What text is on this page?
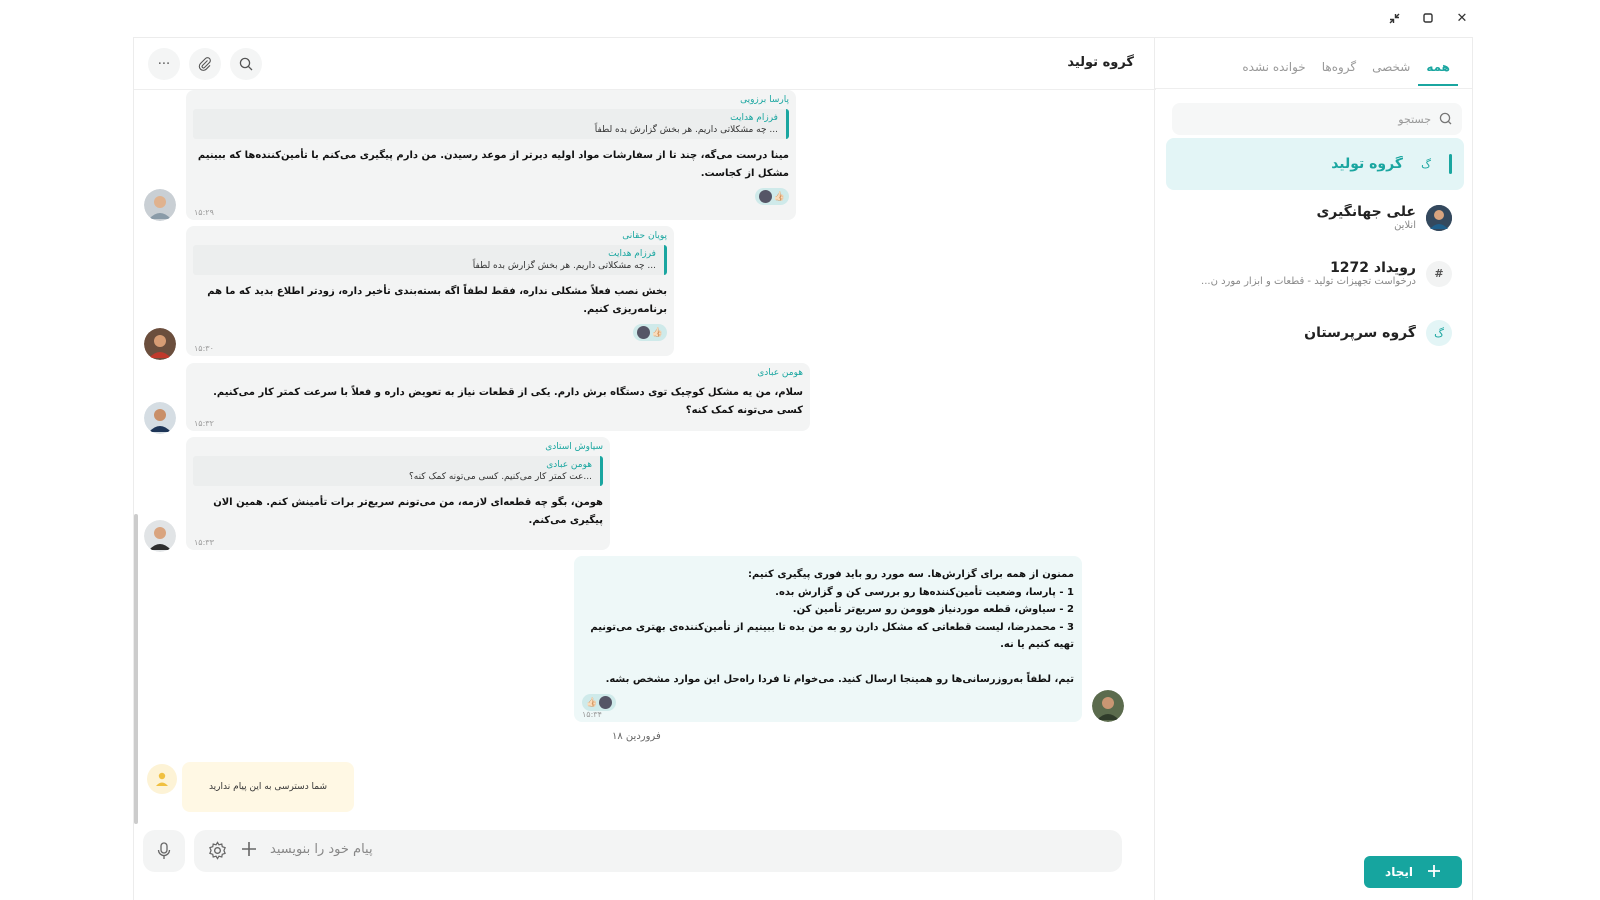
✕
همه
شخصی
گروه‌ها
خوانده نشده
جستجو
گ
گروه تولید
علی جهانگیری
آنلاین
#
رویداد 1272
درخواست تجهیزات تولید - قطعات و ابزار مورد ن...
گ
گروه سرپرستان
ایجاد
گروه تولید
···
پارسا برزویی
فرزام هدایت
... چه مشکلاتی داریم. هر بخش گزارش بده لطفاً
مینا درست می‌گه، چند تا از سفارشات مواد اولیه دیرتر از موعد رسیدن. من دارم پیگیری می‌کنم با تأمین‌کننده‌ها که ببینیم مشکل از کجاست.
👍🏻
۱۵:۲۹
پویان حقانی
فرزام هدایت
... چه مشکلاتی داریم. هر بخش گزارش بده لطفاً
بخش نصب فعلاً مشکلی نداره، فقط لطفاً اگه بسته‌بندی تأخیر داره، زودتر اطلاع بدید که ما هم برنامه‌ریزی کنیم.
👍🏻
۱۵:۳۰
هومن عبادی
سلام، من یه مشکل کوچیک توی دستگاه برش دارم. یکی از قطعات نیاز به تعویض داره و فعلاً با سرعت کمتر کار می‌کنیم. کسی می‌تونه کمک کنه؟
۱۵:۳۲
سیاوش استادی
هومن عبادی
...عت کمتر کار می‌کنیم. کسی می‌تونه کمک کنه؟
هومن، بگو چه قطعه‌ای لازمه، من می‌تونم سریع‌تر برات تأمینش کنم. همین الان پیگیری می‌کنم.
۱۵:۳۳
ممنون از همه برای گزارش‌ها. سه مورد رو باید فوری پیگیری کنیم:
1 - پارسا، وضعیت تأمین‌کننده‌ها رو بررسی کن و گزارش بده.
2 - سیاوش، قطعه موردنیاز هوومن رو سریع‌تر تأمین کن.
3 - محمدرضا، لیست قطعاتی که مشکل دارن رو به من بده تا ببینیم از تأمین‌کننده‌ی بهتری می‌تونیم تهیه کنیم یا نه.
تیم، لطفاً به‌روزرسانی‌ها رو همینجا ارسال کنید. می‌خوام تا فردا راه‌حل این موارد مشخص بشه.
👍🏻
۱۵:۳۴
۱۸ فروردین
شما دسترسی به این پیام ندارید
پیام خود را بنویسید
